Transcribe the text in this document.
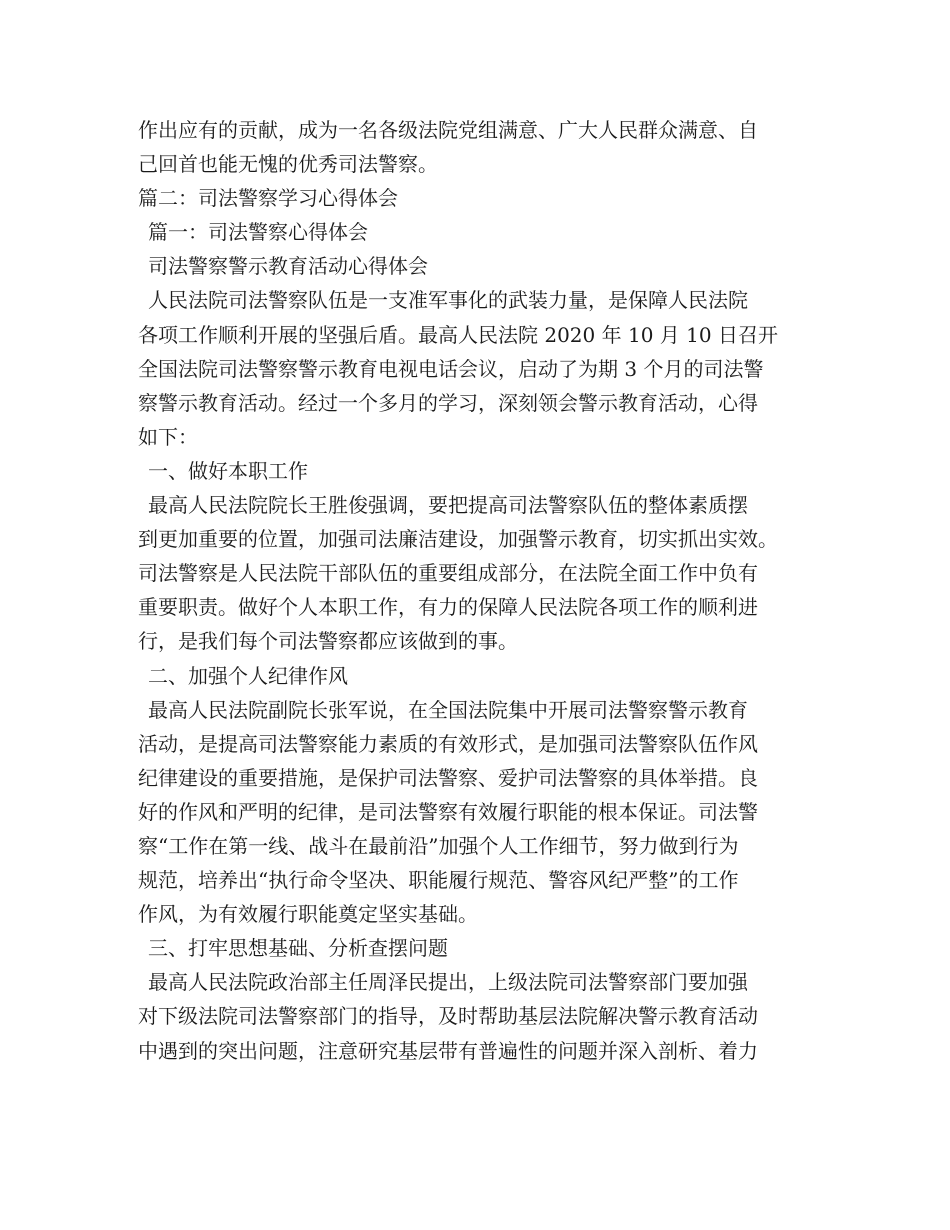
作出应有的贡献，成为一名各级法院党组满意、广大人民群众满意、自
己回首也能无愧的优秀司法警察。
篇二：司法警察学习心得体会
篇一：司法警察心得体会
司法警察警示教育活动心得体会
人民法院司法警察队伍是一支准军事化的武装力量，是保障人民法院
各项工作顺利开展的坚强后盾。最高人民法院 2020 年 10 月 10 日召开
全国法院司法警察警示教育电视电话会议，启动了为期 3 个月的司法警
察警示教育活动。经过一个多月的学习，深刻领会警示教育活动，心得
如下：
一、做好本职工作
最高人民法院院长王胜俊强调，要把提高司法警察队伍的整体素质摆
到更加重要的位置，加强司法廉洁建设，加强警示教育，切实抓出实效。
司法警察是人民法院干部队伍的重要组成部分，在法院全面工作中负有
重要职责。做好个人本职工作，有力的保障人民法院各项工作的顺利进
行，是我们每个司法警察都应该做到的事。
二、加强个人纪律作风
最高人民法院副院长张军说，在全国法院集中开展司法警察警示教育
活动，是提高司法警察能力素质的有效形式，是加强司法警察队伍作风
纪律建设的重要措施，是保护司法警察、爱护司法警察的具体举措。良
好的作风和严明的纪律，是司法警察有效履行职能的根本保证。司法警
察“工作在第一线、战斗在最前沿”加强个人工作细节，努力做到行为
规范，培养出“执行命令坚决、职能履行规范、警容风纪严整”的工作
作风，为有效履行职能奠定坚实基础。
三、打牢思想基础、分析查摆问题
最高人民法院政治部主任周泽民提出，上级法院司法警察部门要加强
对下级法院司法警察部门的指导，及时帮助基层法院解决警示教育活动
中遇到的突出问题，注意研究基层带有普遍性的问题并深入剖析、着力
